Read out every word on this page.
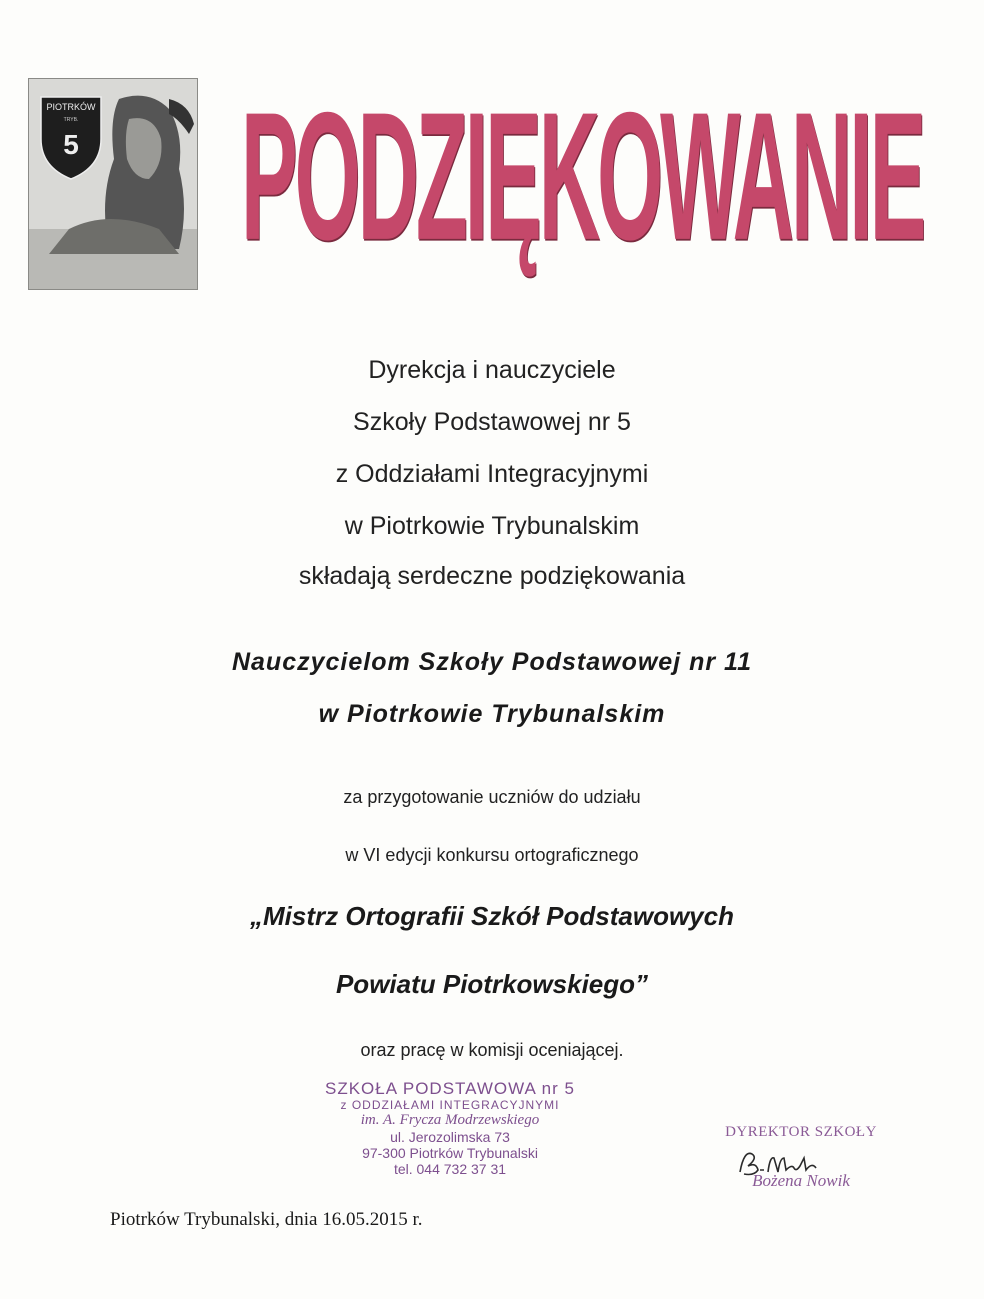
PIOTRKÓW
TRYB.
5 PODZIĘKOWANIE
Dyrekcja i nauczyciele
Szkoły Podstawowej nr 5
z Oddziałami Integracyjnymi
w Piotrkowie Trybunalskim
składają serdeczne podziękowania
Nauczycielom Szkoły Podstawowej nr 11
w Piotrkowie Trybunalskim
za przygotowanie uczniów do udziału
w VI edycji konkursu ortograficznego
„Mistrz Ortografii Szkół Podstawowych
Powiatu Piotrkowskiego”
oraz pracę w komisji oceniającej.
SZKOŁA PODSTAWOWA nr 5
z ODDZIAŁAMI INTEGRACYJNYMI
im. A. Frycza Modrzewskiego
ul. Jerozolimska 73
97-300 Piotrków Trybunalski
tel. 044 732 37 31
DYREKTOR SZKOŁY
Bożena Nowik
Piotrków Trybunalski, dnia 16.05.2015 r.
